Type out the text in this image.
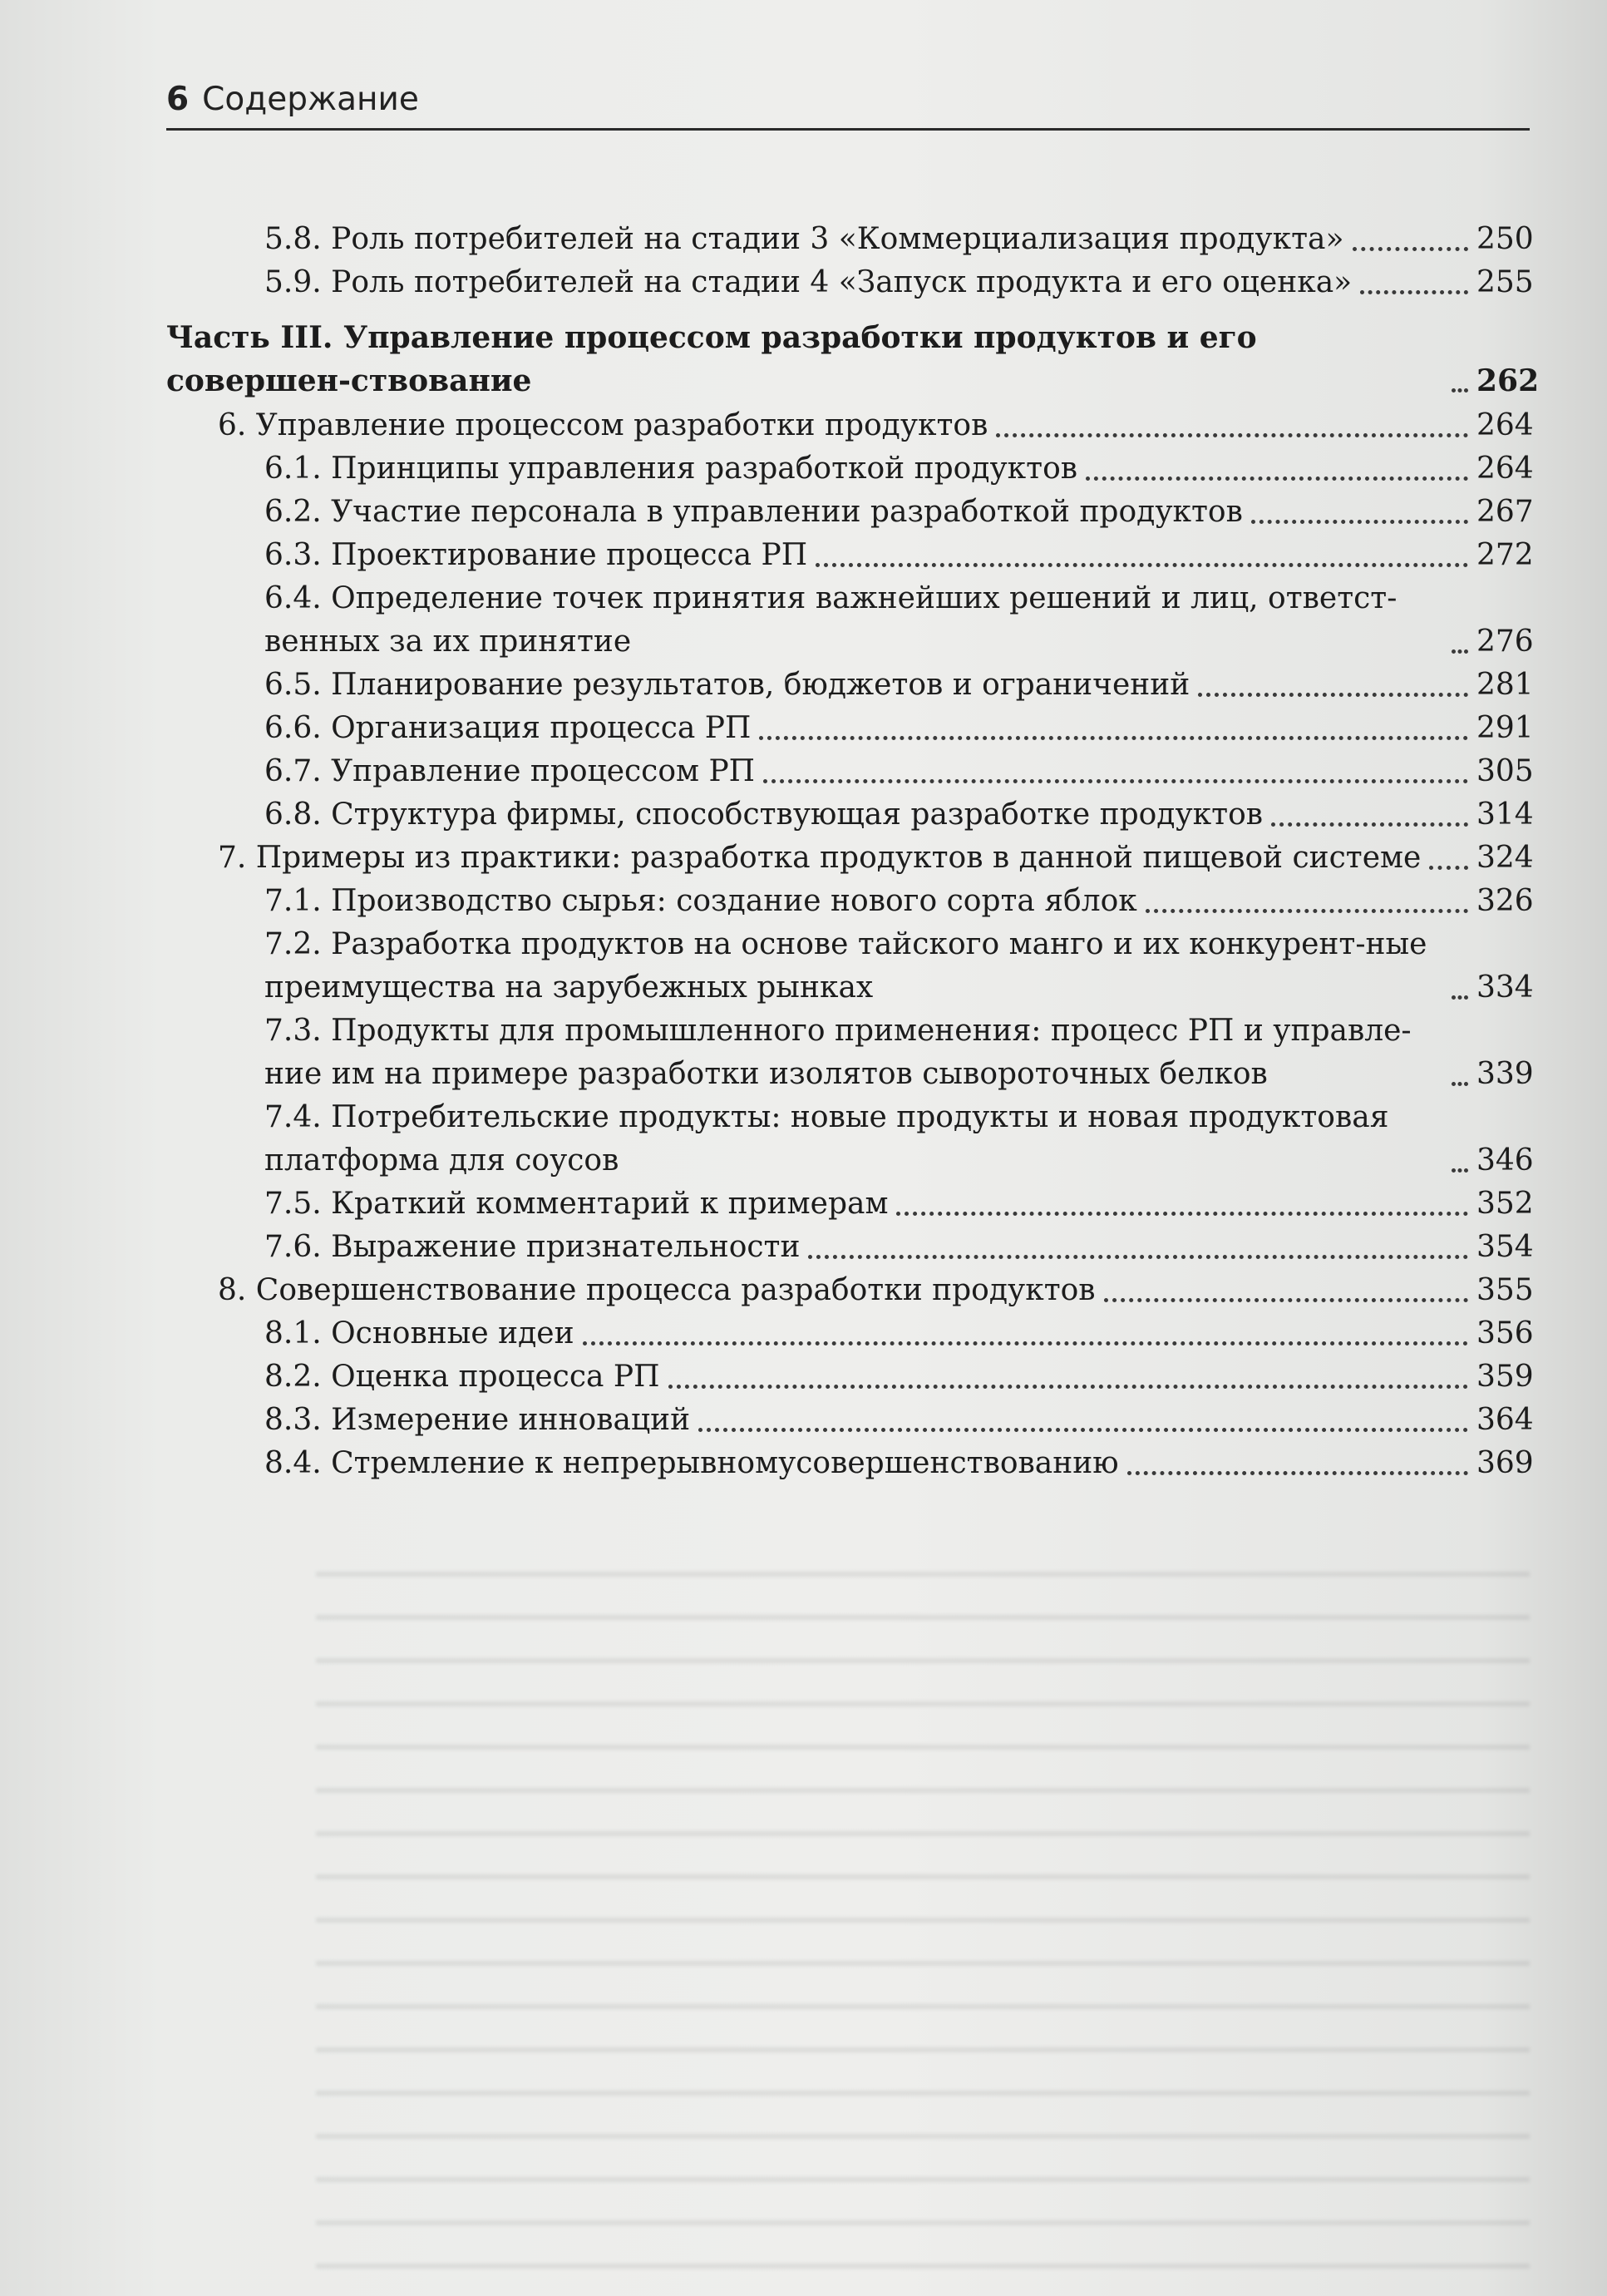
6 Содержание
5.8. Роль потребителей на стадии 3 «Коммерциализация продукта»	250
5.9. Роль потребителей на стадии 4 «Запуск продукта и его оценка»	255
Часть III. Управление процессом разработки продуктов и его совершен-ствование	262
6. Управление процессом разработки продуктов	264
6.1. Принципы управления разработкой продуктов	264
6.2. Участие персонала в управлении разработкой продуктов	267
6.3. Проектирование процесса РП	272
6.4. Определение точек принятия важнейших решений и лиц, ответст-венных за их принятие	276
6.5. Планирование результатов, бюджетов и ограничений	281
6.6. Организация процесса РП	291
6.7. Управление процессом РП	305
6.8. Структура фирмы, способствующая разработке продуктов	314
7. Примеры из практики: разработка продуктов в данной пищевой системе 324
7.1. Производство сырья: создание нового сорта яблок	326
7.2. Разработка продуктов на основе тайского манго и их конкурент-ные преимущества на зарубежных рынках	334
7.3. Продукты для промышленного применения: процесс РП и управле-ние им на примере разработки изолятов сывороточных белков	339
7.4. Потребительские продукты: новые продукты и новая продуктовая платформа для соусов	346
7.5. Краткий комментарий к примерам	352
7.6. Выражение признательности	354
8. Совершенствование процесса разработки продуктов	355
8.1. Основные идеи	356
8.2. Оценка процесса РП	359
8.3. Измерение инноваций	364
8.4. Стремление к непрерывномусовершенствованию	369
